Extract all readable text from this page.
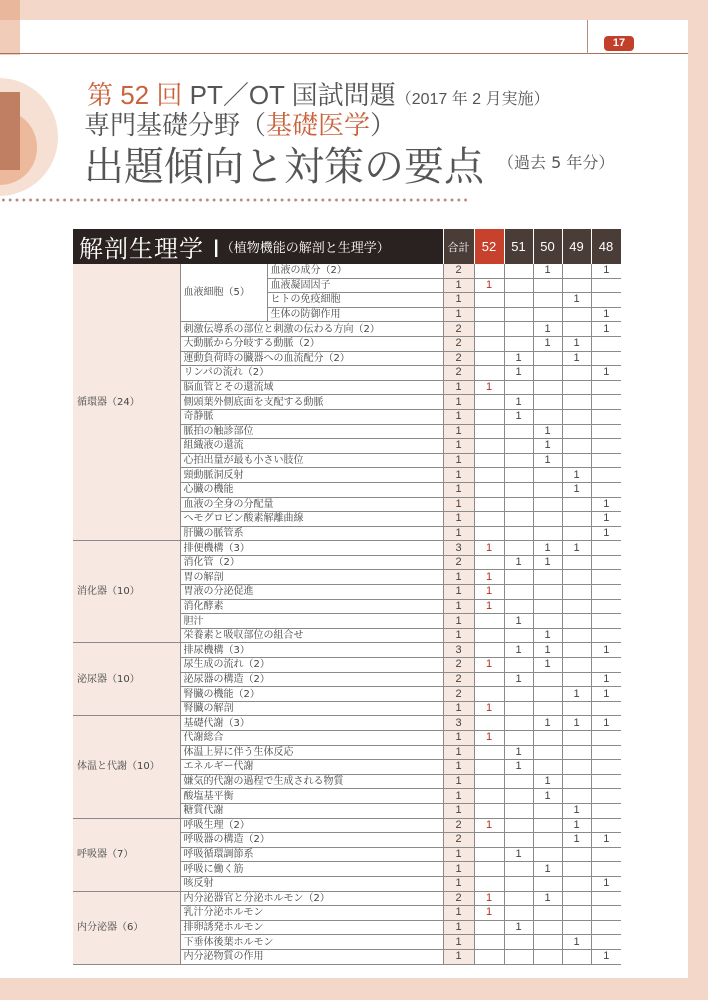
17
第 52 回 PT／OT 国試問題（2017 年 2 月実施）
専門基礎分野（基礎医学）
出題傾向と対策の要点 （過去 5 年分）
解剖生理学 Ⅰ（植物機能の解剖と生理学）			合計	52	51	50	49	48
循環器（24）	血液細胞（5）	血液の成分（2）	2			1		1
		血液凝固因子	1	1				
		ヒトの免疫細胞	1				1	
		生体の防御作用	1					1
	刺激伝導系の部位と刺激の伝わる方向（2）		2			1		1
	大動脈から分岐する動脈（2）		2			1	1	
	運動負荷時の臓器への血流配分（2）		2		1		1	
	リンパの流れ（2）		2		1			1
	脳血管とその還流域		1	1				
	側頭葉外側底面を支配する動脈		1		1			
	奇静脈		1		1			
	脈拍の触診部位		1			1		
	組織液の還流		1			1		
	心拍出量が最も小さい肢位		1			1		
	頸動脈洞反射		1				1	
	心臓の機能		1				1	
	血液の全身の分配量		1					1
	ヘモグロビン酸素解離曲線		1					1
	肝臓の脈管系		1					1
消化器（10）	排便機構（3）		3	1		1	1	
	消化管（2）		2		1	1		
	胃の解剖		1	1				
	胃液の分泌促進		1	1				
	消化酵素		1	1				
	胆汁		1		1			
	栄養素と吸収部位の組合せ		1			1		
泌尿器（10）	排尿機構（3）		3		1	1		1
	尿生成の流れ（2）		2	1		1		
	泌尿器の構造（2）		2		1			1
	腎臓の機能（2）		2				1	1
	腎臓の解剖		1	1				
体温と代謝（10）	基礎代謝（3）		3			1	1	1
	代謝総合		1	1				
	体温上昇に伴う生体反応		1		1			
	エネルギー代謝		1		1			
	嫌気的代謝の過程で生成される物質		1			1		
	酸塩基平衡		1			1		
	糖質代謝		1				1	
呼吸器（7）	呼吸生理（2）		2	1			1	
	呼吸器の構造（2）		2				1	1
	呼吸循環調節系		1		1			
	呼吸に働く筋		1			1		
	咳反射		1					1
内分泌器（6）	内分泌器官と分泌ホルモン（2）		2	1		1		
	乳汁分泌ホルモン		1	1				
	排卵誘発ホルモン		1		1			
	下垂体後葉ホルモン		1				1	
	内分泌物質の作用		1					1
